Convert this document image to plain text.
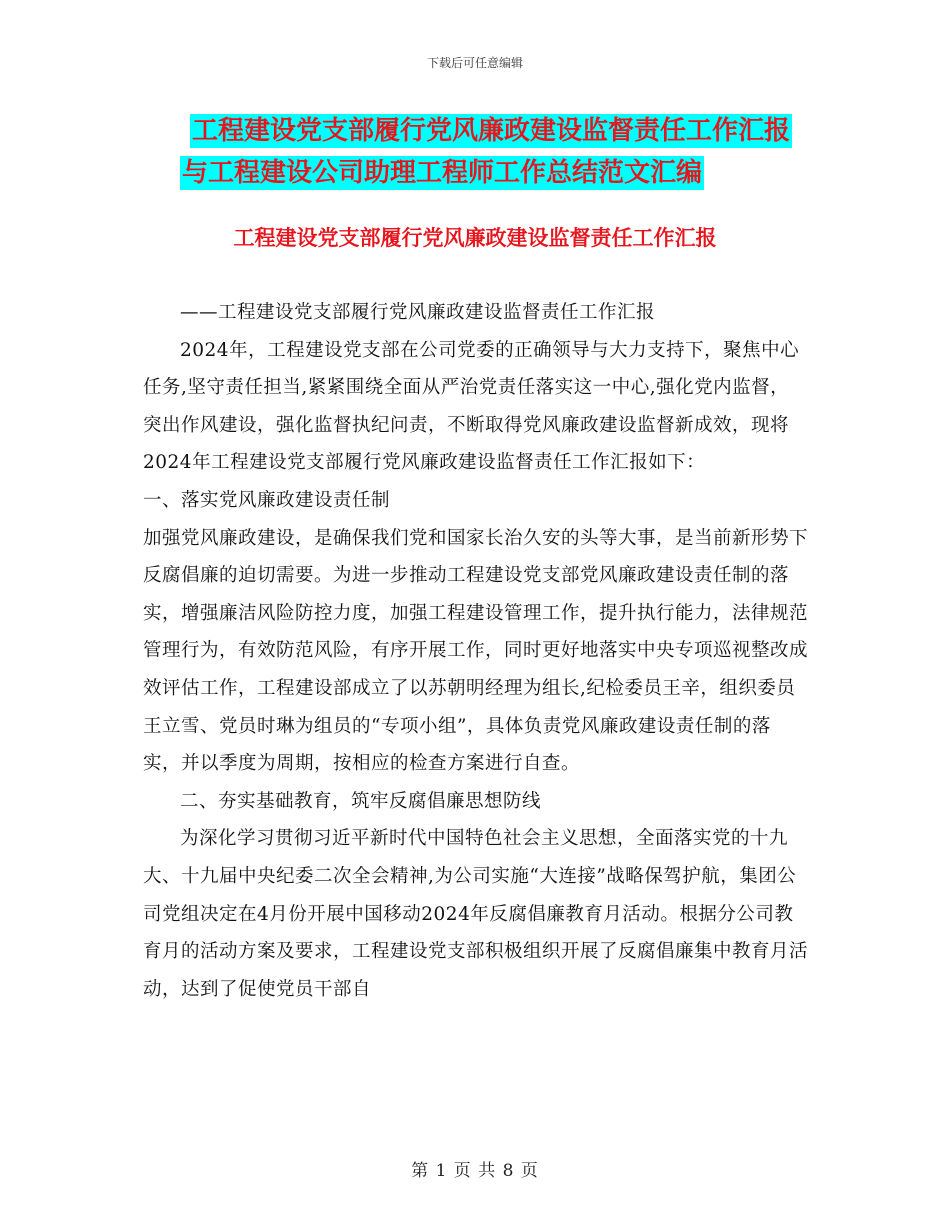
下载后可任意编辑
工程建设党支部履行党风廉政建设监督责任工作汇报
与工程建设公司助理工程师工作总结范文汇编
工程建设党支部履行党风廉政建设监督责任工作汇报

——工程建设党支部履行党风廉政建设监督责任工作汇报

2024年，工程建设党支部在公司党委的正确领导与大力支持下，聚焦中心任务,坚守责任担当,紧紧围绕全面从严治党责任落实这一中心,强化党内监督，突出作风建设，强化监督执纪问责，不断取得党风廉政建设监督新成效，现将2024年工程建设党支部履行党风廉政建设监督责任工作汇报如下：

一、落实党风廉政建设责任制

加强党风廉政建设，是确保我们党和国家长治久安的头等大事，是当前新形势下反腐倡廉的迫切需要。为进一步推动工程建设党支部党风廉政建设责任制的落实，增强廉洁风险防控力度，加强工程建设管理工作，提升执行能力，法律规范管理行为，有效防范风险，有序开展工作，同时更好地落实中央专项巡视整改成效评估工作，工程建设部成立了以苏朝明经理为组长,纪检委员王辛，组织委员王立雪、党员时琳为组员的“专项小组”，具体负责党风廉政建设责任制的落实，并以季度为周期，按相应的检查方案进行自查。

二、夯实基础教育，筑牢反腐倡廉思想防线

为深化学习贯彻习近平新时代中国特色社会主义思想，全面落实党的十九大、十九届中央纪委二次全会精神,为公司实施“大连接”战略保驾护航，集团公司党组决定在4月份开展中国移动2024年反腐倡廉教育月活动。根据分公司教育月的活动方案及要求，工程建设党支部积极组织开展了反腐倡廉集中教育月活动，达到了促使党员干部自

第 1 页 共 8 页
